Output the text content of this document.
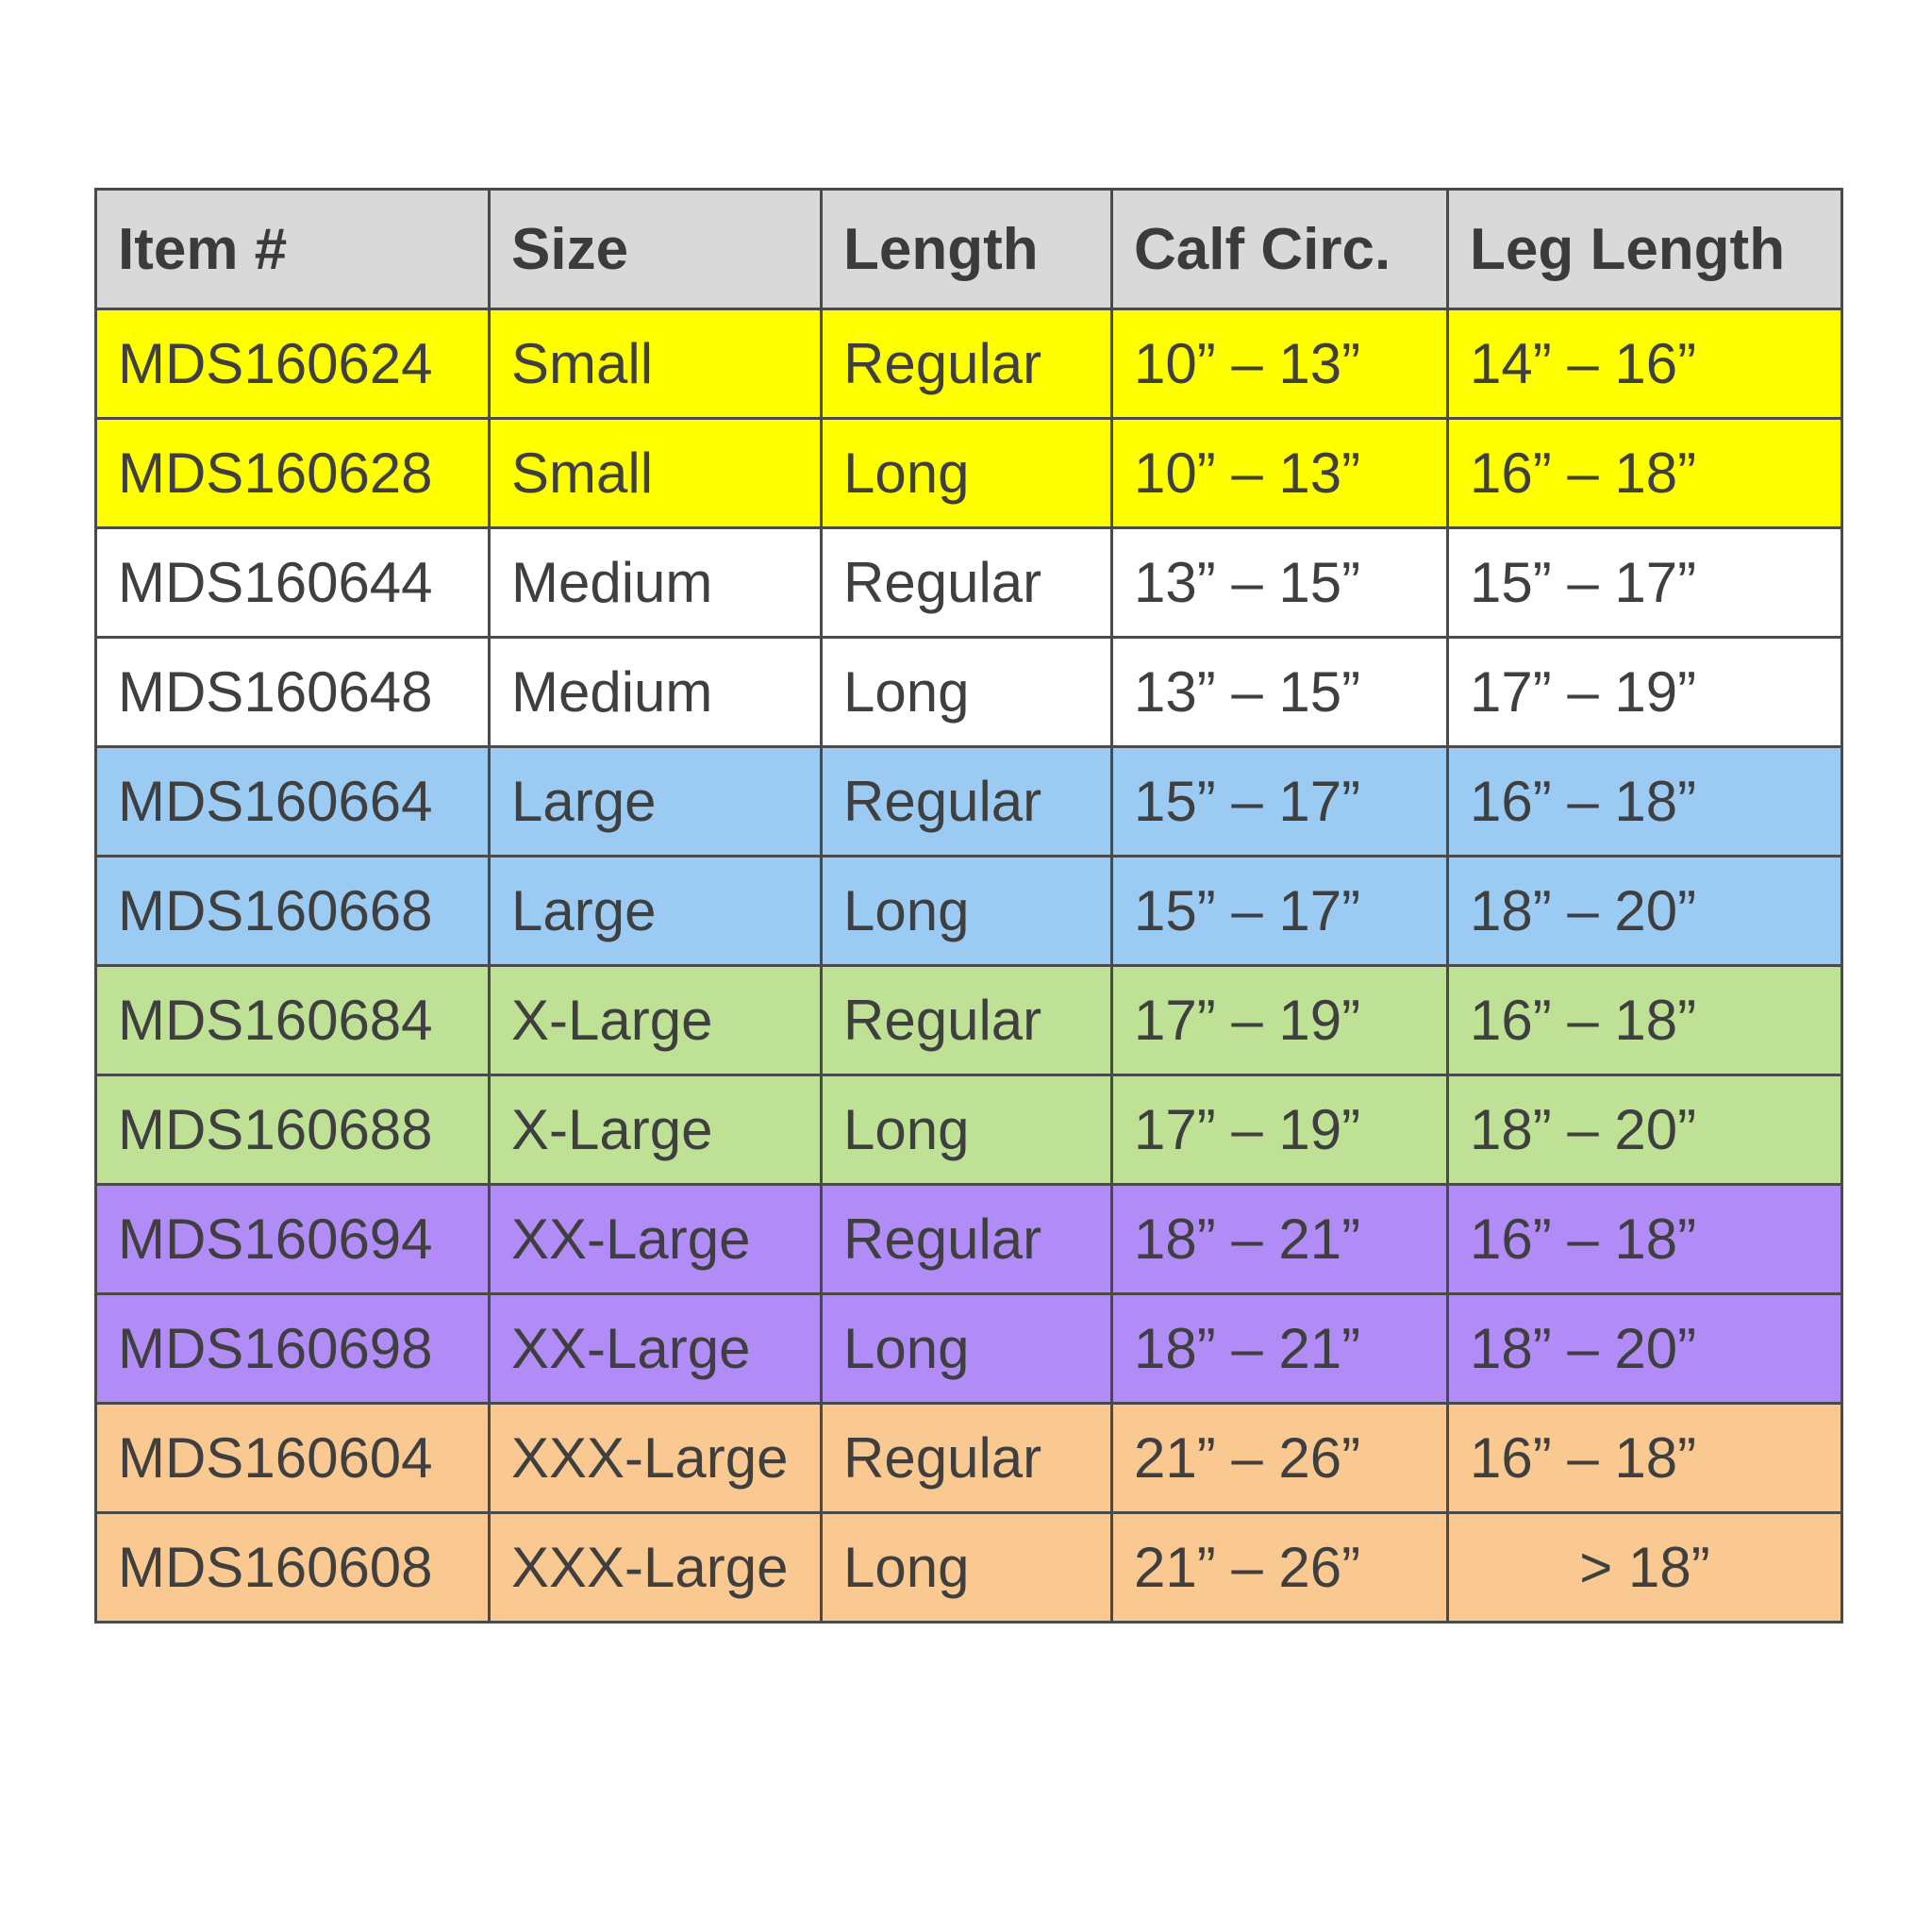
Item #	Size	Length	Calf Circ.	Leg Length
MDS160624	Small	Regular	10” – 13”	14” – 16”
MDS160628	Small	Long	10” – 13”	16” – 18”
MDS160644	Medium	Regular	13” – 15”	15” – 17”
MDS160648	Medium	Long	13” – 15”	17” – 19”
MDS160664	Large	Regular	15” – 17”	16” – 18”
MDS160668	Large	Long	15” – 17”	18” – 20”
MDS160684	X-Large	Regular	17” – 19”	16” – 18”
MDS160688	X-Large	Long	17” – 19”	18” – 20”
MDS160694	XX-Large	Regular	18” – 21”	16” – 18”
MDS160698	XX-Large	Long	18” – 21”	18” – 20”
MDS160604	XXX-Large	Regular	21” – 26”	16” – 18”
MDS160608	XXX-Large	Long	21” – 26”	> 18”
